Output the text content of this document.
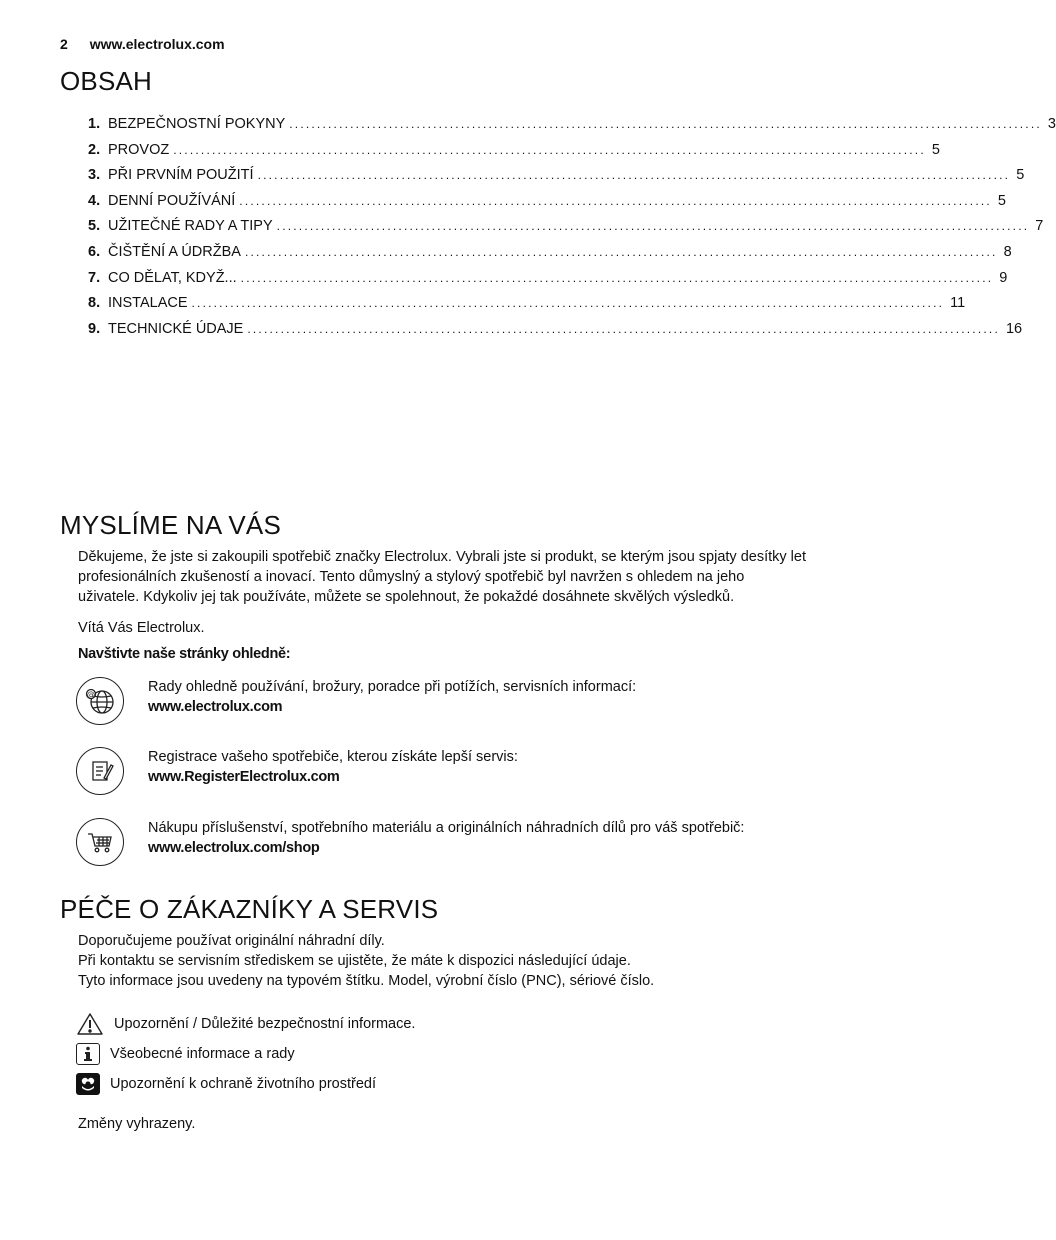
2 www.electrolux.com
OBSAH
1. BEZPEČNOSTNÍ POKYNY ........................................................................................................................................ 3
2. PROVOZ ........................................................................................................................................ 5
3. PŘI PRVNÍM POUŽITÍ ........................................................................................................................................ 5
4. DENNÍ POUŽÍVÁNÍ ........................................................................................................................................ 5
5. UŽITEČNÉ RADY A TIPY ........................................................................................................................................ 7
6. ČIŠTĚNÍ A ÚDRŽBA ........................................................................................................................................ 8
7. CO DĚLAT, KDYŽ... ........................................................................................................................................ 9
8. INSTALACE ........................................................................................................................................ 11
9. TECHNICKÉ ÚDAJE ........................................................................................................................................ 16
MYSLÍME NA VÁS

Děkujeme, že jste si zakoupili spotřebič značky Electrolux. Vybrali jste si produkt, se kterým jsou spjaty desítky let
profesionálních zkušeností a inovací. Tento důmyslný a stylový spotřebič byl navržen s ohledem na jeho
uživatele. Kdykoliv jej tak používáte, můžete se spolehnout, že pokaždé dosáhnete skvělých výsledků.

Vítá Vás Electrolux.

Navštivte naše stránky ohledně:

@	Rady ohledně používání, brožury, poradce při potížích, servisních informací:
www.electrolux.com
Registrace vašeho spotřebiče, kterou získáte lepší servis:
www.RegisterElectrolux.com
Nákupu příslušenství, spotřebního materiálu a originálních náhradních dílů pro váš spotřebič:
www.electrolux.com/shop
PÉČE O ZÁKAZNÍKY A SERVIS

Doporučujeme používat originální náhradní díly.
Při kontaktu se servisním střediskem se ujistěte, že máte k dispozici následující údaje.
Tyto informace jsou uvedeny na typovém štítku. Model, výrobní číslo (PNC), sériové číslo.

Upozornění / Důležité bezpečnostní informace.
Všeobecné informace a rady
Upozornění k ochraně životního prostředí

Změny vyhrazeny.
